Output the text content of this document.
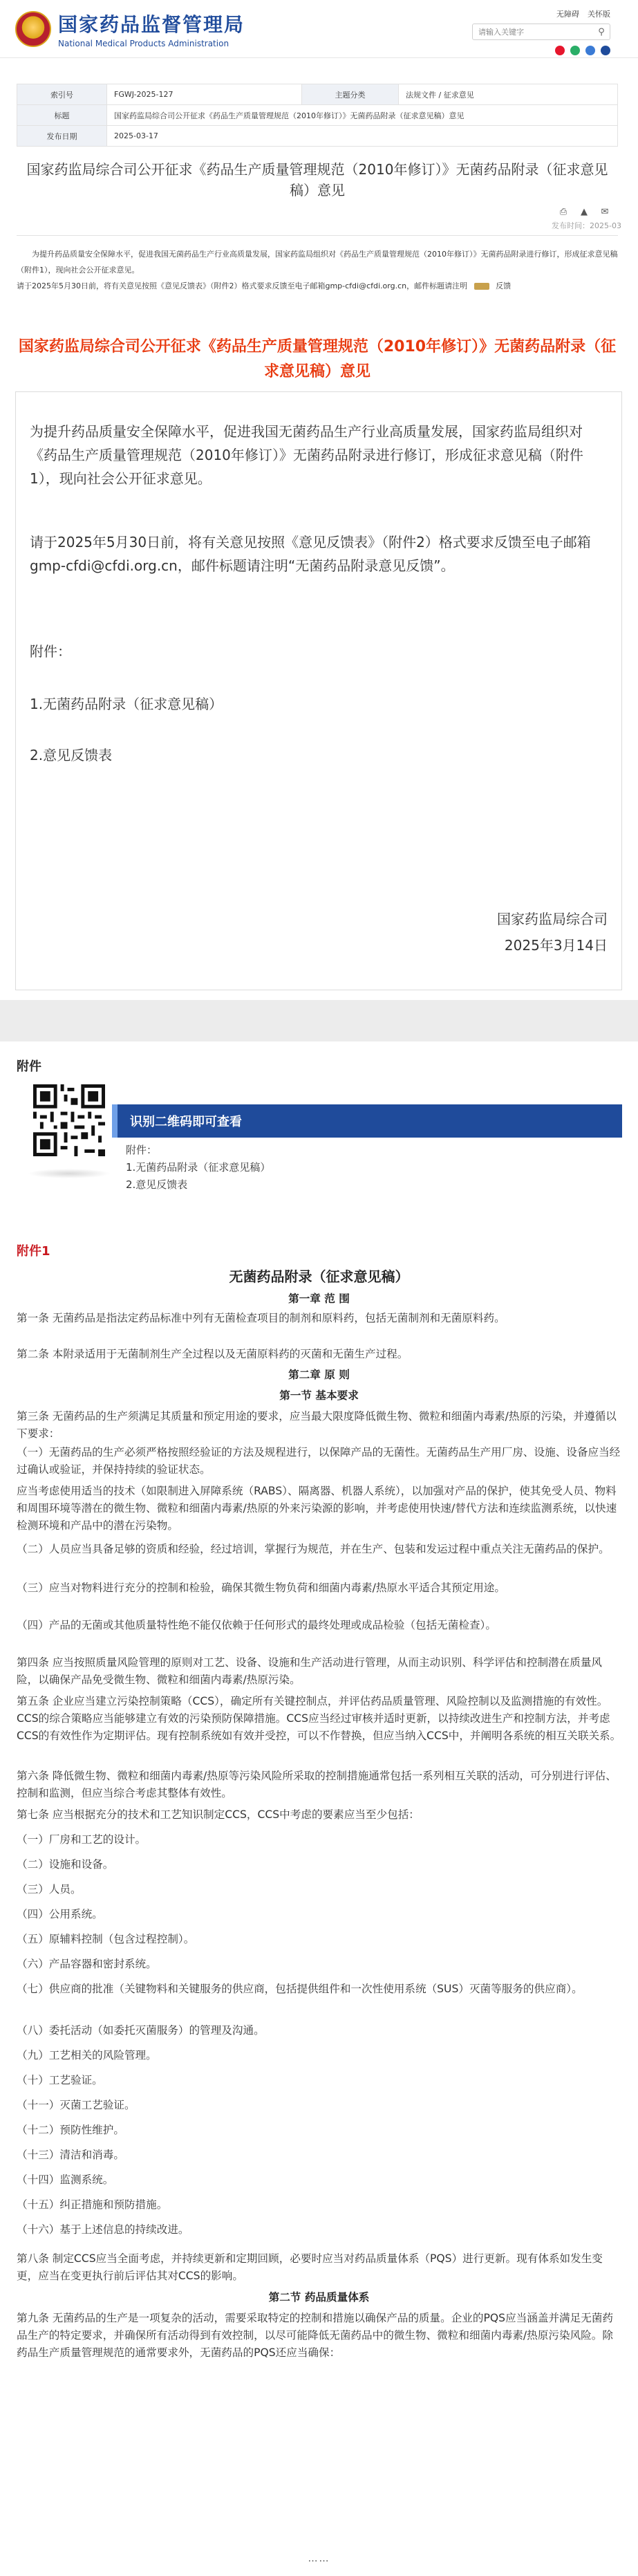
国家药品监督管理局
National Medical Products Administration
无障碍 关怀版
请输入关键字
⚲
索引号	FGWJ-2025-127	主题分类	法规文件 / 征求意见
标题	国家药监局综合司公开征求《药品生产质量管理规范（2010年修订）》无菌药品附录（征求意见稿）意见		
发布日期	2025-03-17		
国家药监局综合司公开征求《药品生产质量管理规范（2010年修订）》无菌药品附录（征求意见稿）意见
⎙ ▲ ✉
发布时间：2025-03
为提升药品质量安全保障水平，促进我国无菌药品生产行业高质量发展，国家药监局组织对《药品生产质量管理规范（2010年修订）》无菌药品附录进行修订，形成征求意见稿（附件1），现向社会公开征求意见。
请于2025年5月30日前，将有关意见按照《意见反馈表》（附件2）格式要求反馈至电子邮箱gmp-cfdi@cfdi.org.cn，邮件标题请注明	反馈
国家药监局综合司公开征求《药品生产质量管理规范（2010年修订）》无菌药品附录（征求意见稿）意见
为提升药品质量安全保障水平，促进我国无菌药品生产行业高质量发展，国家药监局组织对《药品生产质量管理规范（2010年修订）》无菌药品附录进行修订，形成征求意见稿（附件1），现向社会公开征求意见。
请于2025年5月30日前，将有关意见按照《意见反馈表》（附件2）格式要求反馈至电子邮箱gmp-cfdi@cfdi.org.cn，邮件标题请注明“无菌药品附录意见反馈”。
附件：
1.无菌药品附录（征求意见稿）
2.意见反馈表
国家药监局综合司
2025年3月14日
附件
识别二维码即可查看
附件：
1.无菌药品附录（征求意见稿）
2.意见反馈表
附件1
无菌药品附录（征求意见稿）
第一章 范 围
第一条 无菌药品是指法定药品标准中列有无菌检查项目的制剂和原料药，包括无菌制剂和无菌原料药。
第二条 本附录适用于无菌制剂生产全过程以及无菌原料药的灭菌和无菌生产过程。
第二章 原 则
第一节 基本要求
第三条 无菌药品的生产须满足其质量和预定用途的要求，应当最大限度降低微生物、微粒和细菌内毒素/热原的污染，并遵循以下要求：
（一）无菌药品的生产必须严格按照经验证的方法及规程进行，以保障产品的无菌性。无菌药品生产用厂房、设施、设备应当经过确认或验证，并保持持续的验证状态。
应当考虑使用适当的技术（如限制进入屏障系统（RABS）、隔离器、机器人系统），以加强对产品的保护，使其免受人员、物料和周围环境等潜在的微生物、微粒和细菌内毒素/热原的外来污染源的影响，并考虑使用快速/替代方法和连续监测系统，以快速检测环境和产品中的潜在污染物。
（二）人员应当具备足够的资质和经验，经过培训，掌握行为规范，并在生产、包装和发运过程中重点关注无菌药品的保护。
（三）应当对物料进行充分的控制和检验，确保其微生物负荷和细菌内毒素/热原水平适合其预定用途。
（四）产品的无菌或其他质量特性绝不能仅依赖于任何形式的最终处理或成品检验（包括无菌检查）。
第四条 应当按照质量风险管理的原则对工艺、设备、设施和生产活动进行管理，从而主动识别、科学评估和控制潜在质量风险，以确保产品免受微生物、微粒和细菌内毒素/热原污染。
第五条 企业应当建立污染控制策略（CCS），确定所有关键控制点，并评估药品质量管理、风险控制以及监测措施的有效性。CCS的综合策略应当能够建立有效的污染预防保障措施。CCS应当经过审核并适时更新，以持续改进生产和控制方法，并考虑CCS的有效性作为定期评估。现有控制系统如有效并受控，可以不作替换，但应当纳入CCS中，并阐明各系统的相互关联关系。
第六条 降低微生物、微粒和细菌内毒素/热原等污染风险所采取的控制措施通常包括一系列相互关联的活动，可分别进行评估、控制和监测，但应当综合考虑其整体有效性。
第七条 应当根据充分的技术和工艺知识制定CCS，CCS中考虑的要素应当至少包括：
（一）厂房和工艺的设计。
（二）设施和设备。
（三）人员。
（四）公用系统。
（五）原辅料控制（包含过程控制）。
（六）产品容器和密封系统。
（七）供应商的批准（关键物料和关键服务的供应商，包括提供组件和一次性使用系统（SUS）灭菌等服务的供应商）。
（八）委托活动（如委托灭菌服务）的管理及沟通。
（九）工艺相关的风险管理。
（十）工艺验证。
（十一）灭菌工艺验证。
（十二）预防性维护。
（十三）清洁和消毒。
（十四）监测系统。
（十五）纠正措施和预防措施。
（十六）基于上述信息的持续改进。
第八条 制定CCS应当全面考虑，并持续更新和定期回顾，必要时应当对药品质量体系（PQS）进行更新。现有体系如发生变更，应当在变更执行前后评估其对CCS的影响。
第二节 药品质量体系
第九条 无菌药品的生产是一项复杂的活动，需要采取特定的控制和措施以确保产品的质量。企业的PQS应当涵盖并满足无菌药品生产的特定要求，并确保所有活动得到有效控制，以尽可能降低无菌药品中的微生物、微粒和细菌内毒素/热原污染风险。除药品生产质量管理规范的通常要求外，无菌药品的PQS还应当确保：
……
